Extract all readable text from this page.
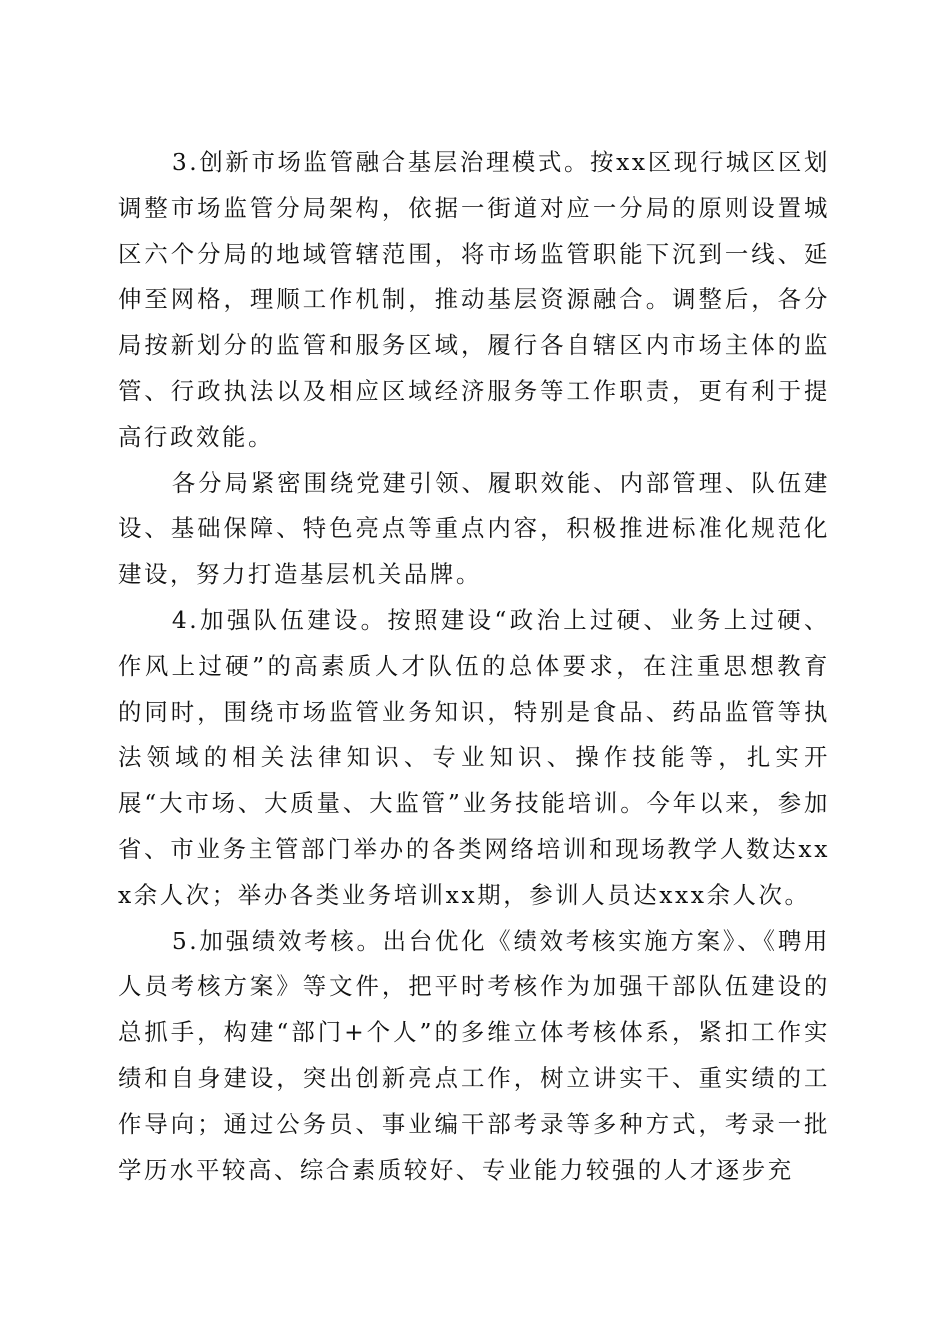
3.创新市场监管融合基层治理模式。按xx区现行城区区划调整市场监管分局架构，依据一街道对应一分局的原则设置城区六个分局的地域管辖范围，将市场监管职能下沉到一线、延伸至网格，理顺工作机制，推动基层资源融合。调整后，各分局按新划分的监管和服务区域，履行各自辖区内市场主体的监管、行政执法以及相应区域经济服务等工作职责，更有利于提高行政效能。

各分局紧密围绕党建引领、履职效能、内部管理、队伍建设、基础保障、特色亮点等重点内容，积极推进标准化规范化建设，努力打造基层机关品牌。

4.加强队伍建设。按照建设“政治上过硬、业务上过硬、作风上过硬”的高素质人才队伍的总体要求，在注重思想教育的同时，围绕市场监管业务知识，特别是食品、药品监管等执法领域的相关法律知识、专业知识、操作技能等，扎实开展“大市场、大质量、大监管”业务技能培训。今年以来，参加省、市业务主管部门举办的各类网络培训和现场教学人数达xxx余人次；举办各类业务培训xx期，参训人员达xxx余人次。

5.加强绩效考核。出台优化《绩效考核实施方案》、《聘用人员考核方案》等文件，把平时考核作为加强干部队伍建设的总抓手，构建“部门+个人”的多维立体考核体系，紧扣工作实绩和自身建设，突出创新亮点工作，树立讲实干、重实绩的工作导向；通过公务员、事业编干部考录等多种方式，考录一批学历水平较高、综合素质较好、专业能力较强的人才逐步充
